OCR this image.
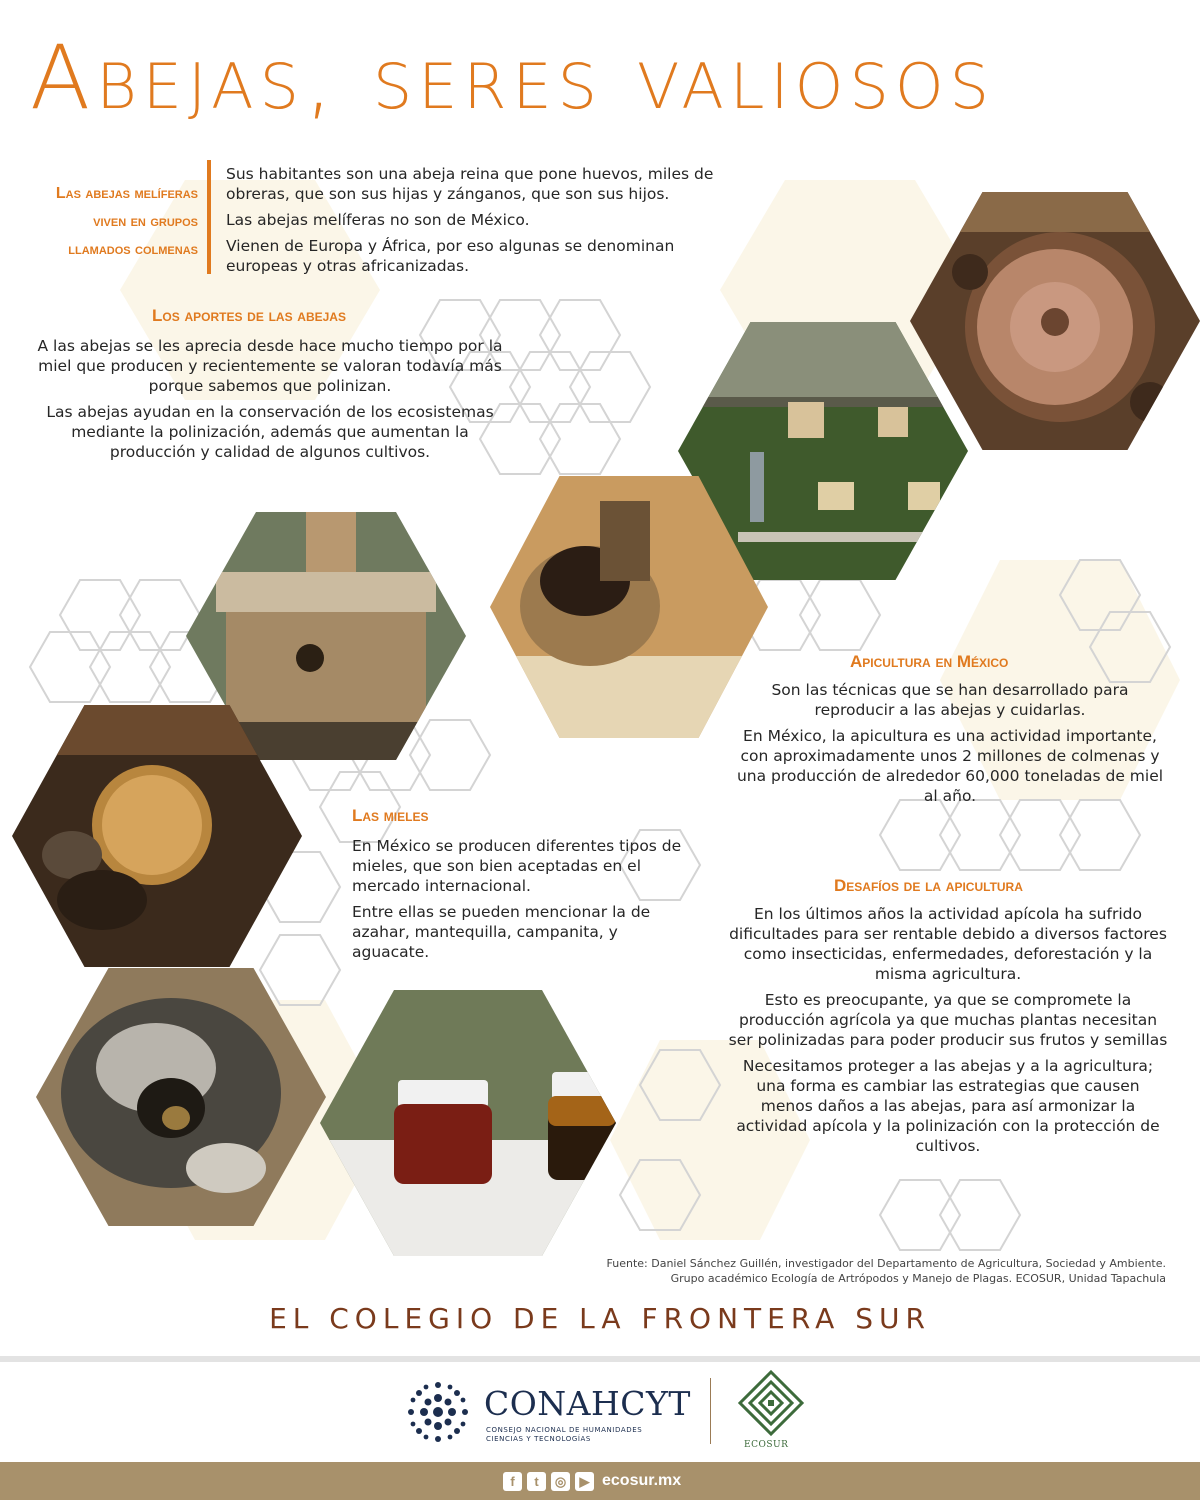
Abejas, seres valiosos
Las abejas melíferas viven en grupos llamados colmenas

Sus habitantes son una abeja reina que pone huevos, miles de obreras, que son sus hijas y zánganos, que son sus hijos.

Las abejas melíferas no son de México.

Vienen de Europa y África, por eso algunas se denominan europeas y otras africanizadas.

Los aportes de las abejas

A las abejas se les aprecia desde hace mucho tiempo por la miel que producen y recientemente se valoran todavía más porque sabemos que polinizan.

Las abejas ayudan en la conservación de los ecosistemas mediante la polinización, además que aumentan la producción y calidad de algunos cultivos.

Apicultura en México

Son las técnicas que se han desarrollado para reproducir a las abejas y cuidarlas.

En México, la apicultura es una actividad importante, con aproximadamente unos 2 millones de colmenas y una producción de alrededor 60,000 toneladas de miel al año.

Las mieles

En México se producen diferentes tipos de mieles, que son bien aceptadas en el mercado internacional.

Entre ellas se pueden mencionar la de azahar, mantequilla, campanita, y aguacate.

Desafíos de la apicultura

En los últimos años la actividad apícola ha sufrido dificultades para ser rentable debido a diversos factores como insecticidas, enfermedades, deforestación y la misma agricultura.

Esto es preocupante, ya que se compromete la producción agrícola ya que muchas plantas necesitan ser polinizadas para poder producir sus frutos y semillas

Necesitamos proteger a las abejas y a la agricultura; una forma es cambiar las estrategias que causen menos daños a las abejas, para así armonizar la actividad apícola y la polinización con la protección de cultivos.

Fuente: Daniel Sánchez Guillén, investigador del Departamento de Agricultura, Sociedad y Ambiente.
Grupo académico Ecología de Artrópodos y Manejo de Plagas. ECOSUR, Unidad Tapachula
EL COLEGIO DE LA FRONTERA SUR
CONAHCYT
CONSEJO NACIONAL DE HUMANIDADES
CIENCIAS Y TECNOLOGÍAS
ECOSUR
f	t	◎	▶ ecosur.mx
